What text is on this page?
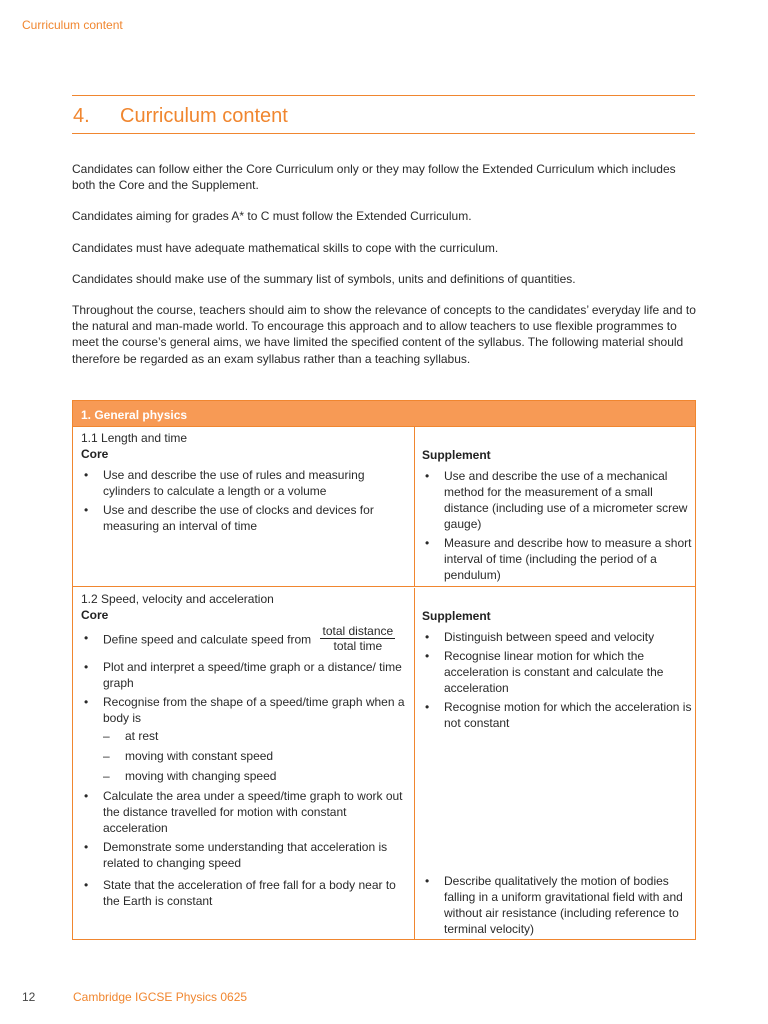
Curriculum content
4. Curriculum content

Candidates can follow either the Core Curriculum only or they may follow the Extended Curriculum which includes both the Core and the Supplement.

Candidates aiming for grades A* to C must follow the Extended Curriculum.

Candidates must have adequate mathematical skills to cope with the curriculum.

Candidates should make use of the summary list of symbols, units and definitions of quantities.

Throughout the course, teachers should aim to show the relevance of concepts to the candidates’ everyday life and to the natural and man-made world. To encourage this approach and to allow teachers to use flexible programmes to meet the course’s general aims, we have limited the specified content of the syllabus. The following material should therefore be regarded as an exam syllabus rather than a teaching syllabus.

1. General physics
1.1 Length and time
Core
• Use and describe the use of rules and measuring cylinders to calculate a length or a volume
• Use and describe the use of clocks and devices for measuring an interval of time
Supplement
• Use and describe the use of a mechanical method for the measurement of a small distance (including use of a micrometer screw gauge)
• Measure and describe how to measure a short interval of time (including the period of a pendulum)
1.2 Speed, velocity and acceleration
Core
• Define speed and calculate speed from $\frac{\text{total distance}}{\text{total time}}$
• Plot and interpret a speed/time graph or a distance/ time graph
• Recognise from the shape of a speed/time graph when a body is
– at rest
– moving with constant speed
– moving with changing speed
• Calculate the area under a speed/time graph to work out the distance travelled for motion with constant acceleration
• Demonstrate some understanding that acceleration is related to changing speed
• State that the acceleration of free fall for a body near to the Earth is constant
Supplement
• Distinguish between speed and velocity
• Recognise linear motion for which the acceleration is constant and calculate the acceleration
• Recognise motion for which the acceleration is not constant
• Describe qualitatively the motion of bodies falling in a uniform gravitational field with and without air resistance (including reference to terminal velocity)
12	Cambridge IGCSE Physics 0625
